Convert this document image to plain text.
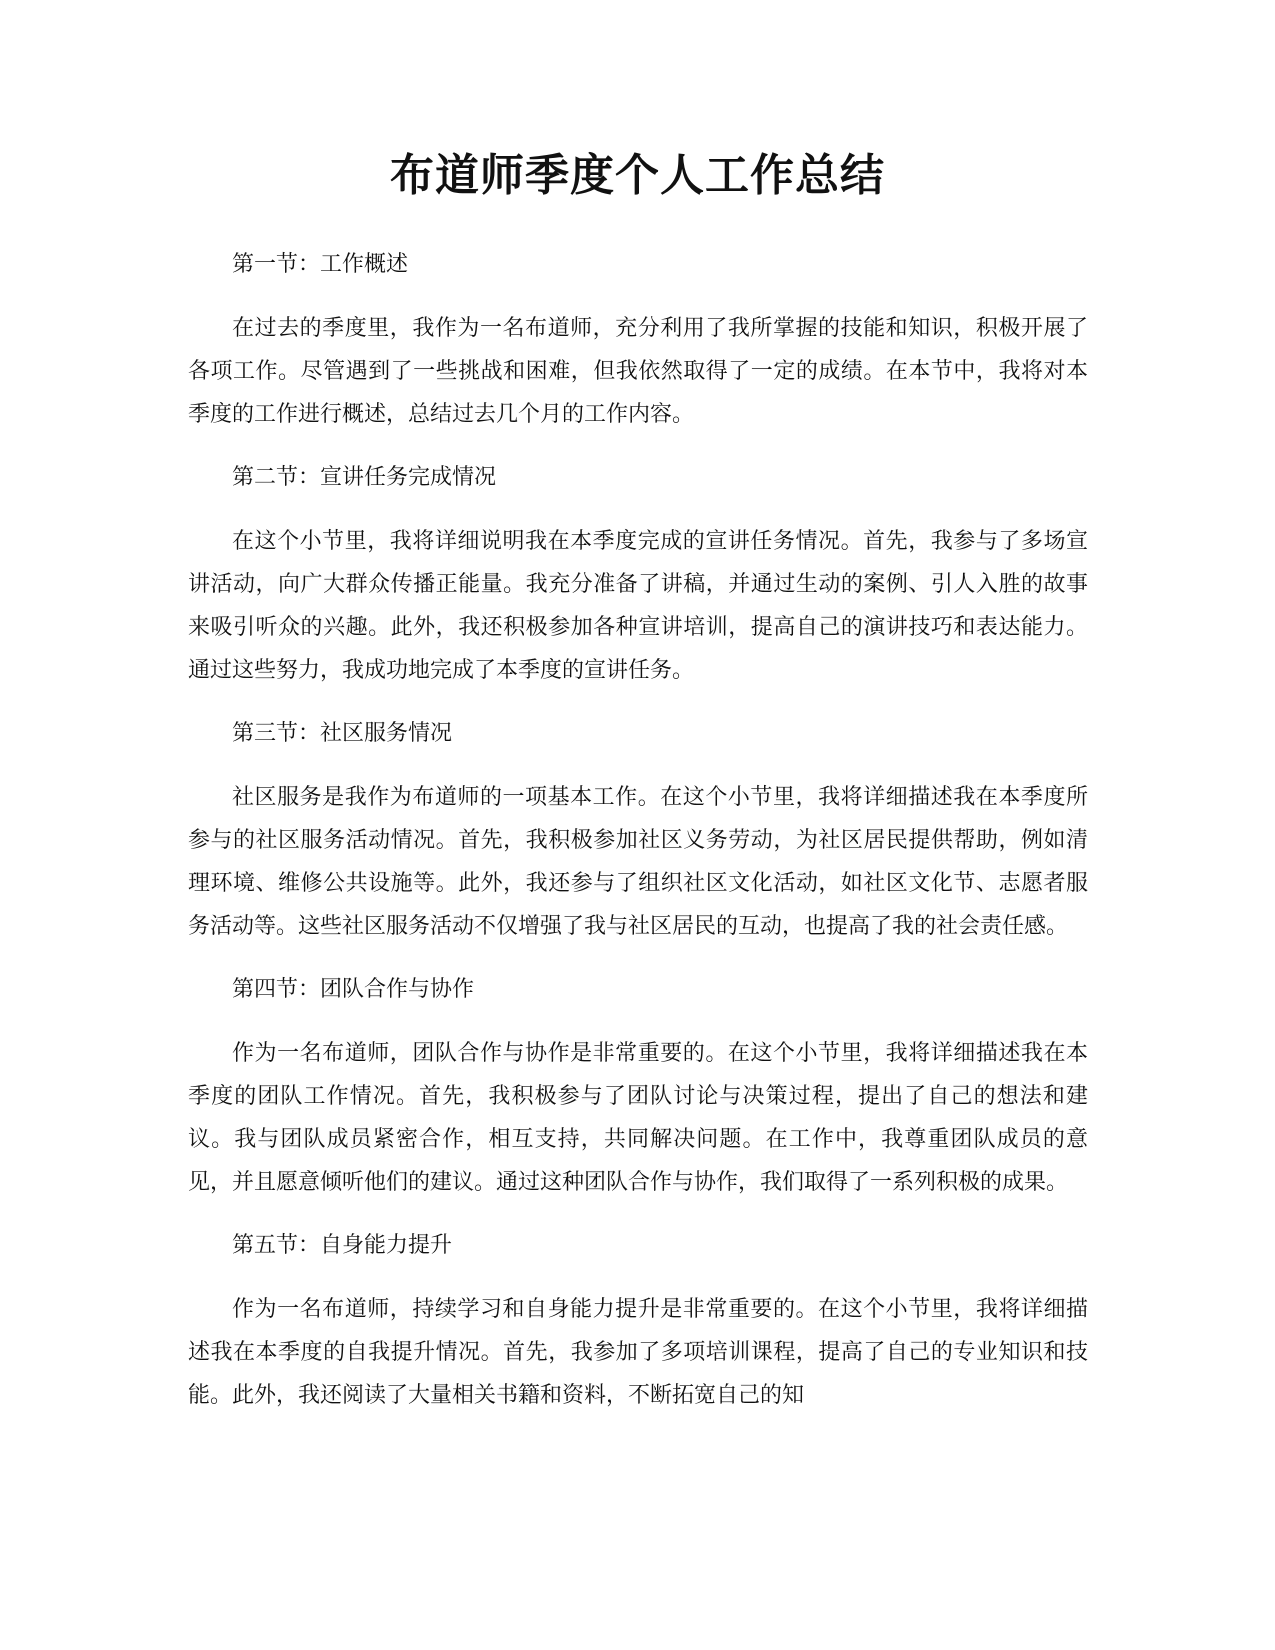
布道师季度个人工作总结
第一节：工作概述

在过去的季度里，我作为一名布道师，充分利用了我所掌握的技能和知识，积极开展了各项工作。尽管遇到了一些挑战和困难，但我依然取得了一定的成绩。在本节中，我将对本季度的工作进行概述，总结过去几个月的工作内容。

第二节：宣讲任务完成情况

在这个小节里，我将详细说明我在本季度完成的宣讲任务情况。首先，我参与了多场宣讲活动，向广大群众传播正能量。我充分准备了讲稿，并通过生动的案例、引人入胜的故事来吸引听众的兴趣。此外，我还积极参加各种宣讲培训，提高自己的演讲技巧和表达能力。通过这些努力，我成功地完成了本季度的宣讲任务。

第三节：社区服务情况

社区服务是我作为布道师的一项基本工作。在这个小节里，我将详细描述我在本季度所参与的社区服务活动情况。首先，我积极参加社区义务劳动，为社区居民提供帮助，例如清理环境、维修公共设施等。此外，我还参与了组织社区文化活动，如社区文化节、志愿者服务活动等。这些社区服务活动不仅增强了我与社区居民的互动，也提高了我的社会责任感。

第四节：团队合作与协作

作为一名布道师，团队合作与协作是非常重要的。在这个小节里，我将详细描述我在本季度的团队工作情况。首先，我积极参与了团队讨论与决策过程，提出了自己的想法和建议。我与团队成员紧密合作，相互支持，共同解决问题。在工作中，我尊重团队成员的意见，并且愿意倾听他们的建议。通过这种团队合作与协作，我们取得了一系列积极的成果。

第五节：自身能力提升

作为一名布道师，持续学习和自身能力提升是非常重要的。在这个小节里，我将详细描述我在本季度的自我提升情况。首先，我参加了多项培训课程，提高了自己的专业知识和技能。此外，我还阅读了大量相关书籍和资料，不断拓宽自己的知
